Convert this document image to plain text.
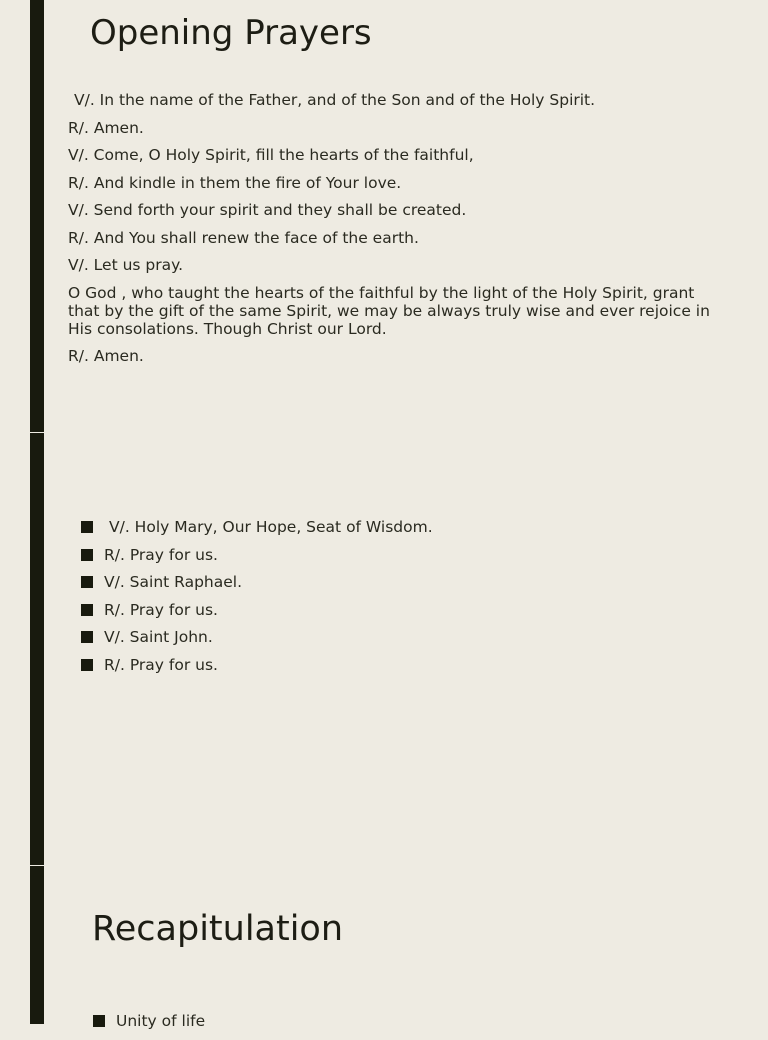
Opening Prayers

V/. In the name of the Father, and of the Son and of the Holy Spirit.

R/. Amen.

V/. Come, O Holy Spirit, fill the hearts of the faithful,

R/. And kindle in them the fire of Your love.

V/. Send forth your spirit and they shall be created.

R/. And You shall renew the face of the earth.

V/. Let us pray.

O God , who taught the hearts of the faithful by the light of the Holy Spirit, grant that by the gift of the same Spirit, we may be always truly wise and ever rejoice in His consolations. Though Christ our Lord.

R/. Amen.

V/. Holy Mary, Our Hope, Seat of Wisdom.
R/. Pray for us.
V/. Saint Raphael.
R/. Pray for us.
V/. Saint John.
R/. Pray for us.
Recapitulation
Unity of life
